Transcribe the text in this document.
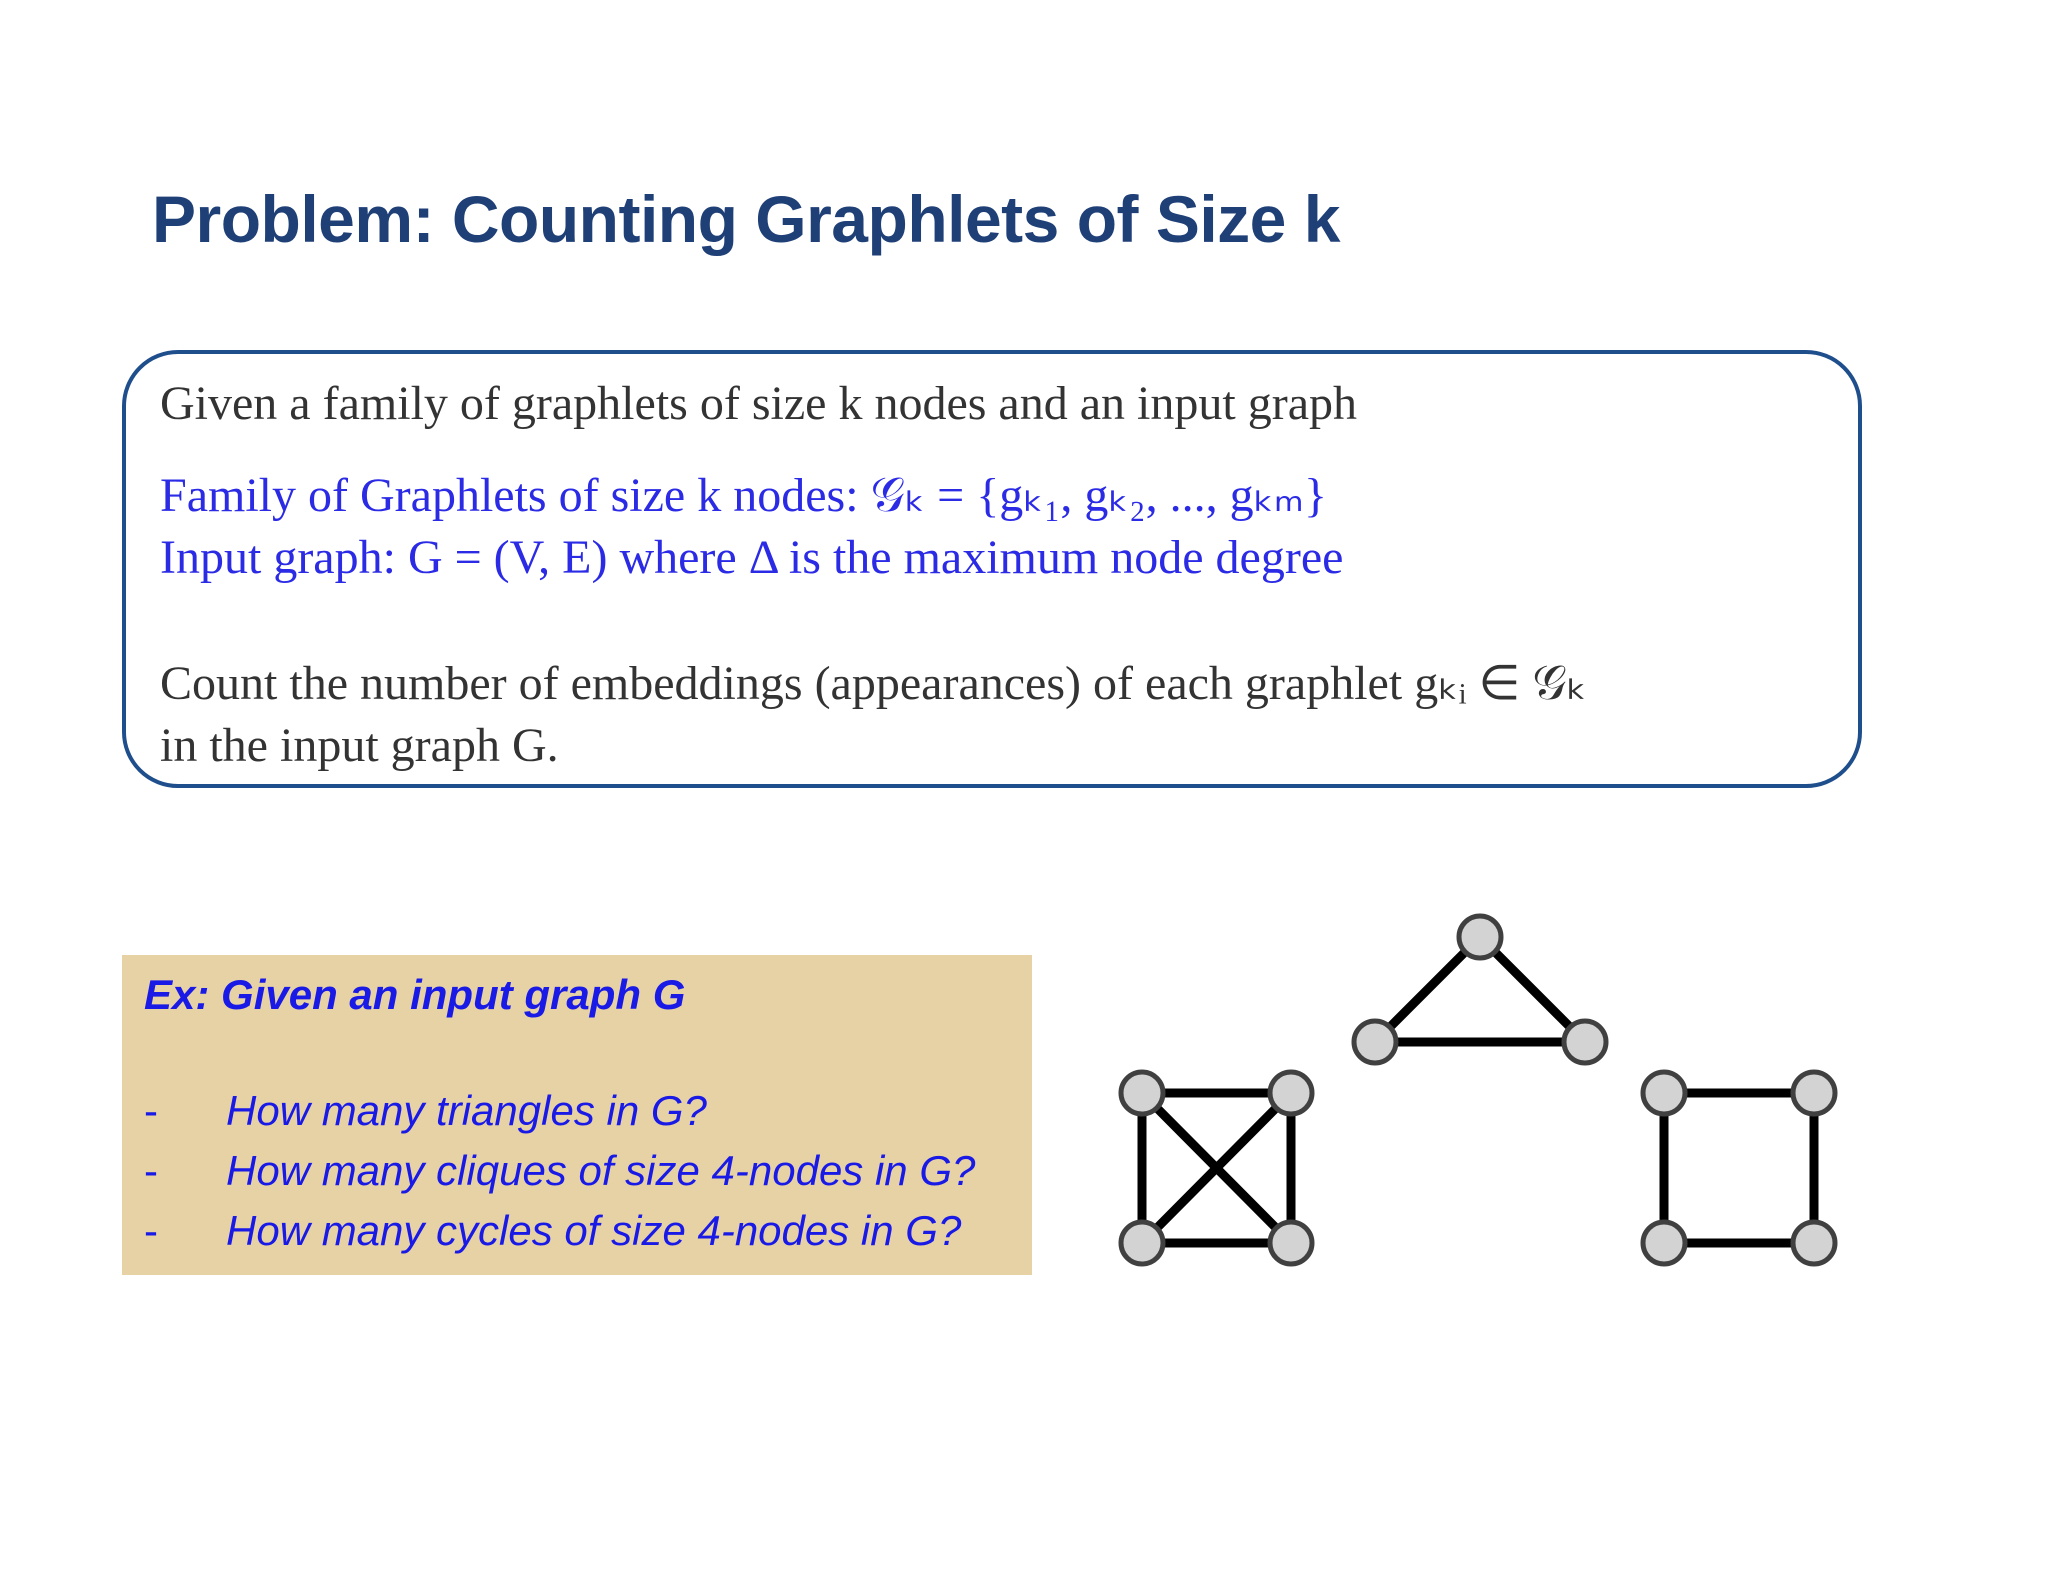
Problem: Counting Graphlets of Size k

Given a family of graphlets of size k nodes and an input graph

Family of Graphlets of size k nodes: 𝒢ₖ = {gₖ₁, gₖ₂, ..., gₖₘ}

Input graph: G = (V, E) where Δ is the maximum node degree

Count the number of embeddings (appearances) of each graphlet gₖᵢ ∈ 𝒢ₖ

in the input graph G.

Ex: Given an input graph G

- How many triangles in G?

- How many cliques of size 4-nodes in G?

- How many cycles of size 4-nodes in G?
